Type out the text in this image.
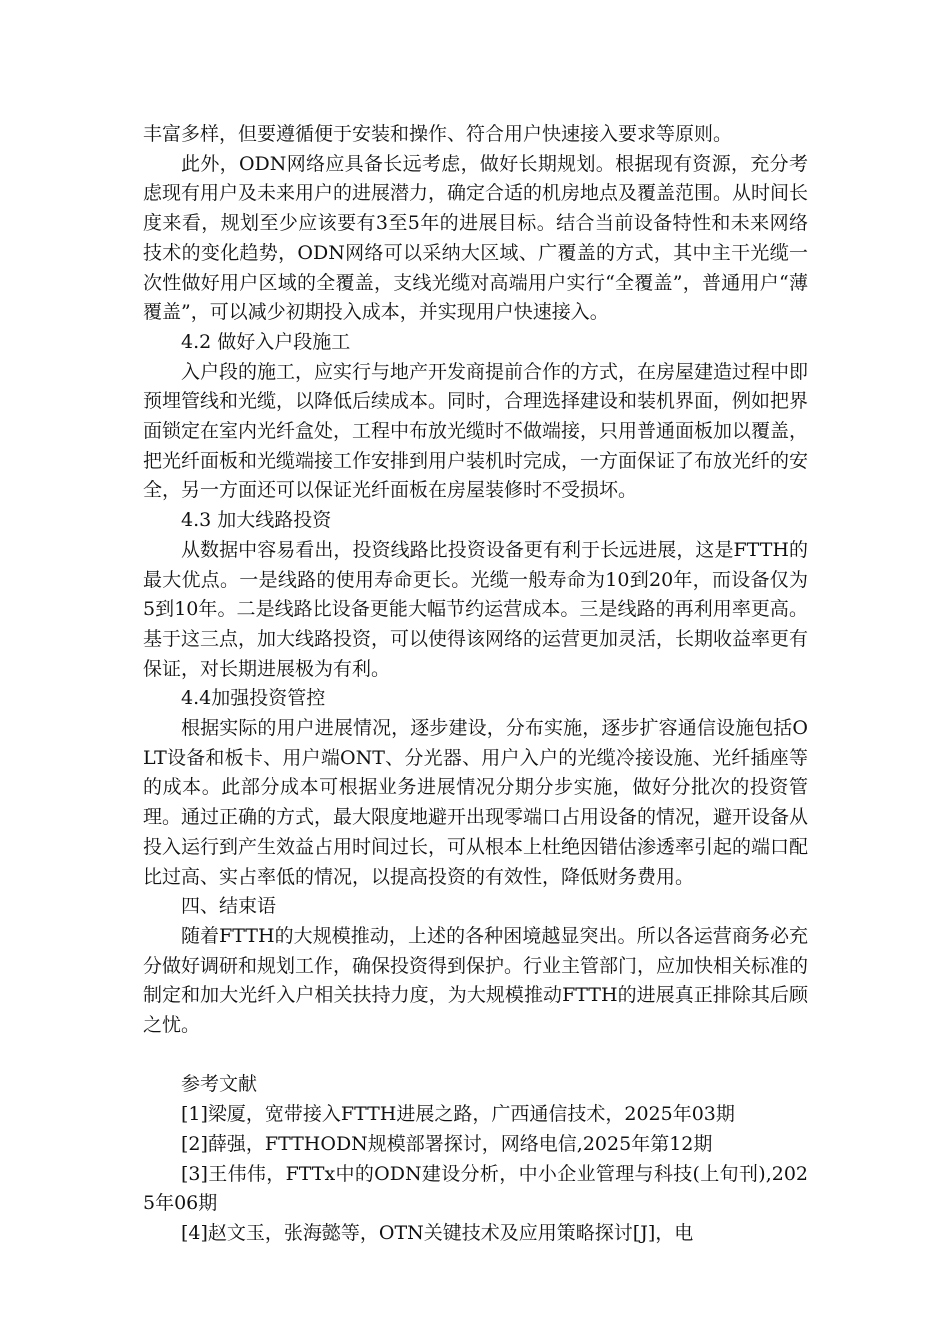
丰富多样，但要遵循便于安装和操作、符合用户快速接入要求等原则。

此外，ODN网络应具备长远考虑，做好长期规划。根据现有资源，充分考虑现有用户及未来用户的进展潜力，确定合适的机房地点及覆盖范围。从时间长度来看，规划至少应该要有3至5年的进展目标。结合当前设备特性和未来网络技术的变化趋势，ODN网络可以采纳大区域、广覆盖的方式，其中主干光缆一次性做好用户区域的全覆盖，支线光缆对高端用户实行“全覆盖”，普通用户“薄覆盖”，可以减少初期投入成本，并实现用户快速接入。

4.2 做好入户段施工

入户段的施工，应实行与地产开发商提前合作的方式，在房屋建造过程中即预埋管线和光缆，以降低后续成本。同时，合理选择建设和装机界面，例如把界面锁定在室内光纤盒处，工程中布放光缆时不做端接，只用普通面板加以覆盖，把光纤面板和光缆端接工作安排到用户装机时完成，一方面保证了布放光纤的安全，另一方面还可以保证光纤面板在房屋装修时不受损坏。

4.3 加大线路投资

从数据中容易看出，投资线路比投资设备更有利于长远进展，这是FTTH的最大优点。一是线路的使用寿命更长。光缆一般寿命为10到20年，而设备仅为5到10年。二是线路比设备更能大幅节约运营成本。三是线路的再利用率更高。基于这三点，加大线路投资，可以使得该网络的运营更加灵活，长期收益率更有保证，对长期进展极为有利。

4.4加强投资管控

根据实际的用户进展情况，逐步建设，分布实施，逐步扩容通信设施包括OLT设备和板卡、用户端ONT、分光器、用户入户的光缆冷接设施、光纤插座等的成本。此部分成本可根据业务进展情况分期分步实施，做好分批次的投资管理。通过正确的方式，最大限度地避开出现零端口占用设备的情况，避开设备从投入运行到产生效益占用时间过长，可从根本上杜绝因错估渗透率引起的端口配比过高、实占率低的情况，以提高投资的有效性，降低财务费用。

四、结束语

随着FTTH的大规模推动，上述的各种困境越显突出。所以各运营商务必充分做好调研和规划工作，确保投资得到保护。行业主管部门，应加快相关标准的制定和加大光纤入户相关扶持力度，为大规模推动FTTH的进展真正排除其后顾之忧。

参考文献

[1]梁厦，宽带接入FTTH进展之路，广西通信技术，2025年03期

[2]薛强，FTTHODN规模部署探讨，网络电信,2025年第12期

[3]王伟伟，FTTx中的ODN建设分析，中小企业管理与科技(上旬刊),2025年06期

[4]赵文玉，张海懿等，OTN关键技术及应用策略探讨[J]，电
